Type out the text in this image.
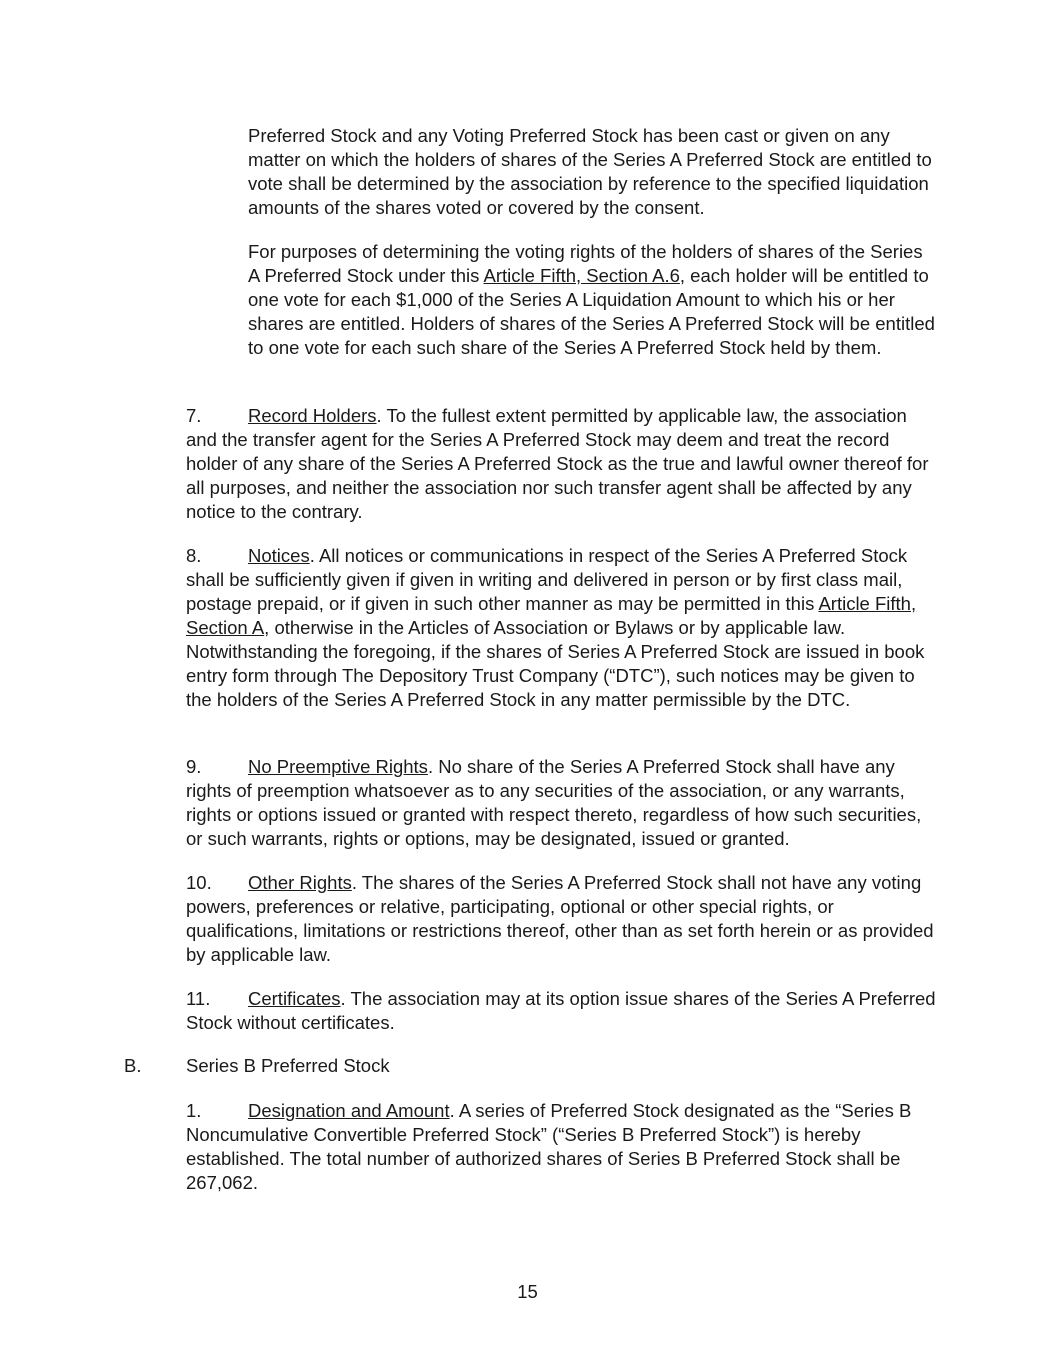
Preferred Stock and any Voting Preferred Stock has been cast or given on any matter on which the holders of shares of the Series A Preferred Stock are entitled to vote shall be determined by the association by reference to the specified liquidation amounts of the shares voted or covered by the consent.

For purposes of determining the voting rights of the holders of shares of the Series A Preferred Stock under this Article Fifth, Section A.6, each holder will be entitled to one vote for each $1,000 of the Series A Liquidation Amount to which his or her shares are entitled. Holders of shares of the Series A Preferred Stock will be entitled to one vote for each such share of the Series A Preferred Stock held by them.

7.	Record Holders. To the fullest extent permitted by applicable law, the association and the transfer agent for the Series A Preferred Stock may deem and treat the record holder of any share of the Series A Preferred Stock as the true and lawful owner thereof for all purposes, and neither the association nor such transfer agent shall be affected by any notice to the contrary.

8.	Notices. All notices or communications in respect of the Series A Preferred Stock shall be sufficiently given if given in writing and delivered in person or by first class mail, postage prepaid, or if given in such other manner as may be permitted in this Article Fifth, Section A, otherwise in the Articles of Association or Bylaws or by applicable law. Notwithstanding the foregoing, if the shares of Series A Preferred Stock are issued in book entry form through The Depository Trust Company (“DTC”), such notices may be given to the holders of the Series A Preferred Stock in any matter permissible by the DTC.

9.	No Preemptive Rights. No share of the Series A Preferred Stock shall have any rights of preemption whatsoever as to any securities of the association, or any warrants, rights or options issued or granted with respect thereto, regardless of how such securities, or such warrants, rights or options, may be designated, issued or granted.

10. Other Rights. The shares of the Series A Preferred Stock shall not have any voting powers, preferences or relative, participating, optional or other special rights, or qualifications, limitations or restrictions thereof, other than as set forth herein or as provided by applicable law.

11. Certificates. The association may at its option issue shares of the Series A Preferred Stock without certificates.

B. Series B Preferred Stock

1.	Designation and Amount. A series of Preferred Stock designated as the “Series B Noncumulative Convertible Preferred Stock” (“Series B Preferred Stock”) is hereby established. The total number of authorized shares of Series B Preferred Stock shall be 267,062.

15
